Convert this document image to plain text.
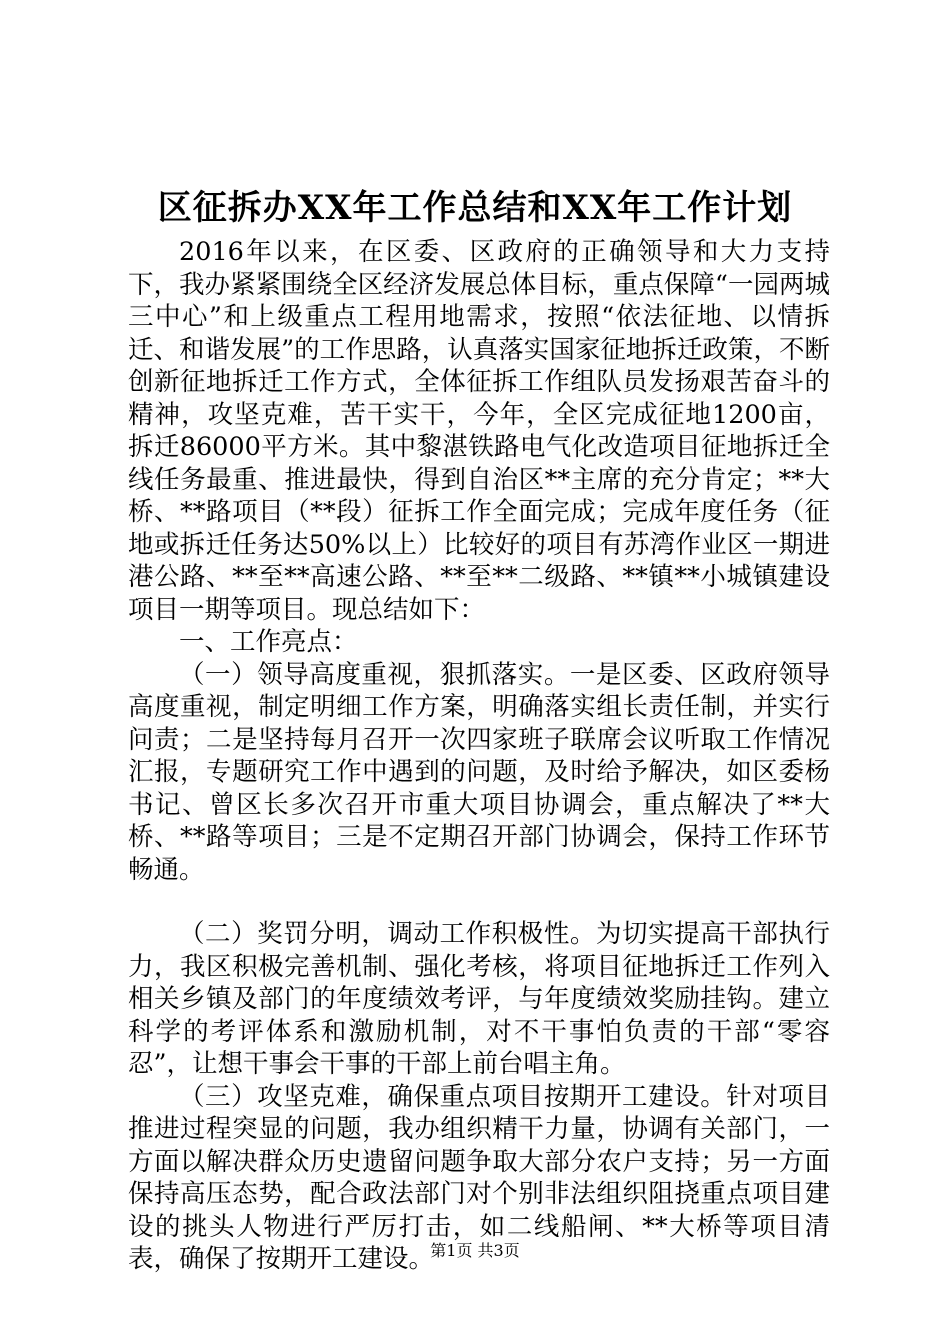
区征拆办XX年工作总结和XX年工作计划

2016年以来，在区委、区政府的正确领导和大力支持下，我办紧紧围绕全区经济发展总体目标，重点保障“一园两城三中心”和上级重点工程用地需求，按照“依法征地、以情拆迁、和谐发展”的工作思路，认真落实国家征地拆迁政策，不断创新征地拆迁工作方式，全体征拆工作组队员发扬艰苦奋斗的精神，攻坚克难，苦干实干，今年，全区完成征地1200亩，拆迁86000平方米。其中黎湛铁路电气化改造项目征地拆迁全线任务最重、推进最快，得到自治区**主席的充分肯定；**大桥、**路项目（**段）征拆工作全面完成；完成年度任务（征地或拆迁任务达50%以上）比较好的项目有苏湾作业区一期进港公路、**至**高速公路、**至**二级路、**镇**小城镇建设项目一期等项目。现总结如下：

一、工作亮点：

（一）领导高度重视，狠抓落实。一是区委、区政府领导高度重视，制定明细工作方案，明确落实组长责任制，并实行问责；二是坚持每月召开一次四家班子联席会议听取工作情况汇报，专题研究工作中遇到的问题，及时给予解决，如区委杨书记、曾区长多次召开市重大项目协调会，重点解决了**大桥、**路等项目；三是不定期召开部门协调会，保持工作环节畅通。

（二）奖罚分明，调动工作积极性。为切实提高干部执行力，我区积极完善机制、强化考核，将项目征地拆迁工作列入相关乡镇及部门的年度绩效考评，与年度绩效奖励挂钩。建立科学的考评体系和激励机制，对不干事怕负责的干部“零容忍”，让想干事会干事的干部上前台唱主角。

（三）攻坚克难，确保重点项目按期开工建设。针对项目推进过程突显的问题，我办组织精干力量，协调有关部门，一方面以解决群众历史遗留问题争取大部分农户支持；另一方面保持高压态势，配合政法部门对个别非法组织阻挠重点项目建设的挑头人物进行严厉打击，如二线船闸、**大桥等项目清表，确保了按期开工建设。

第1页 共3页
